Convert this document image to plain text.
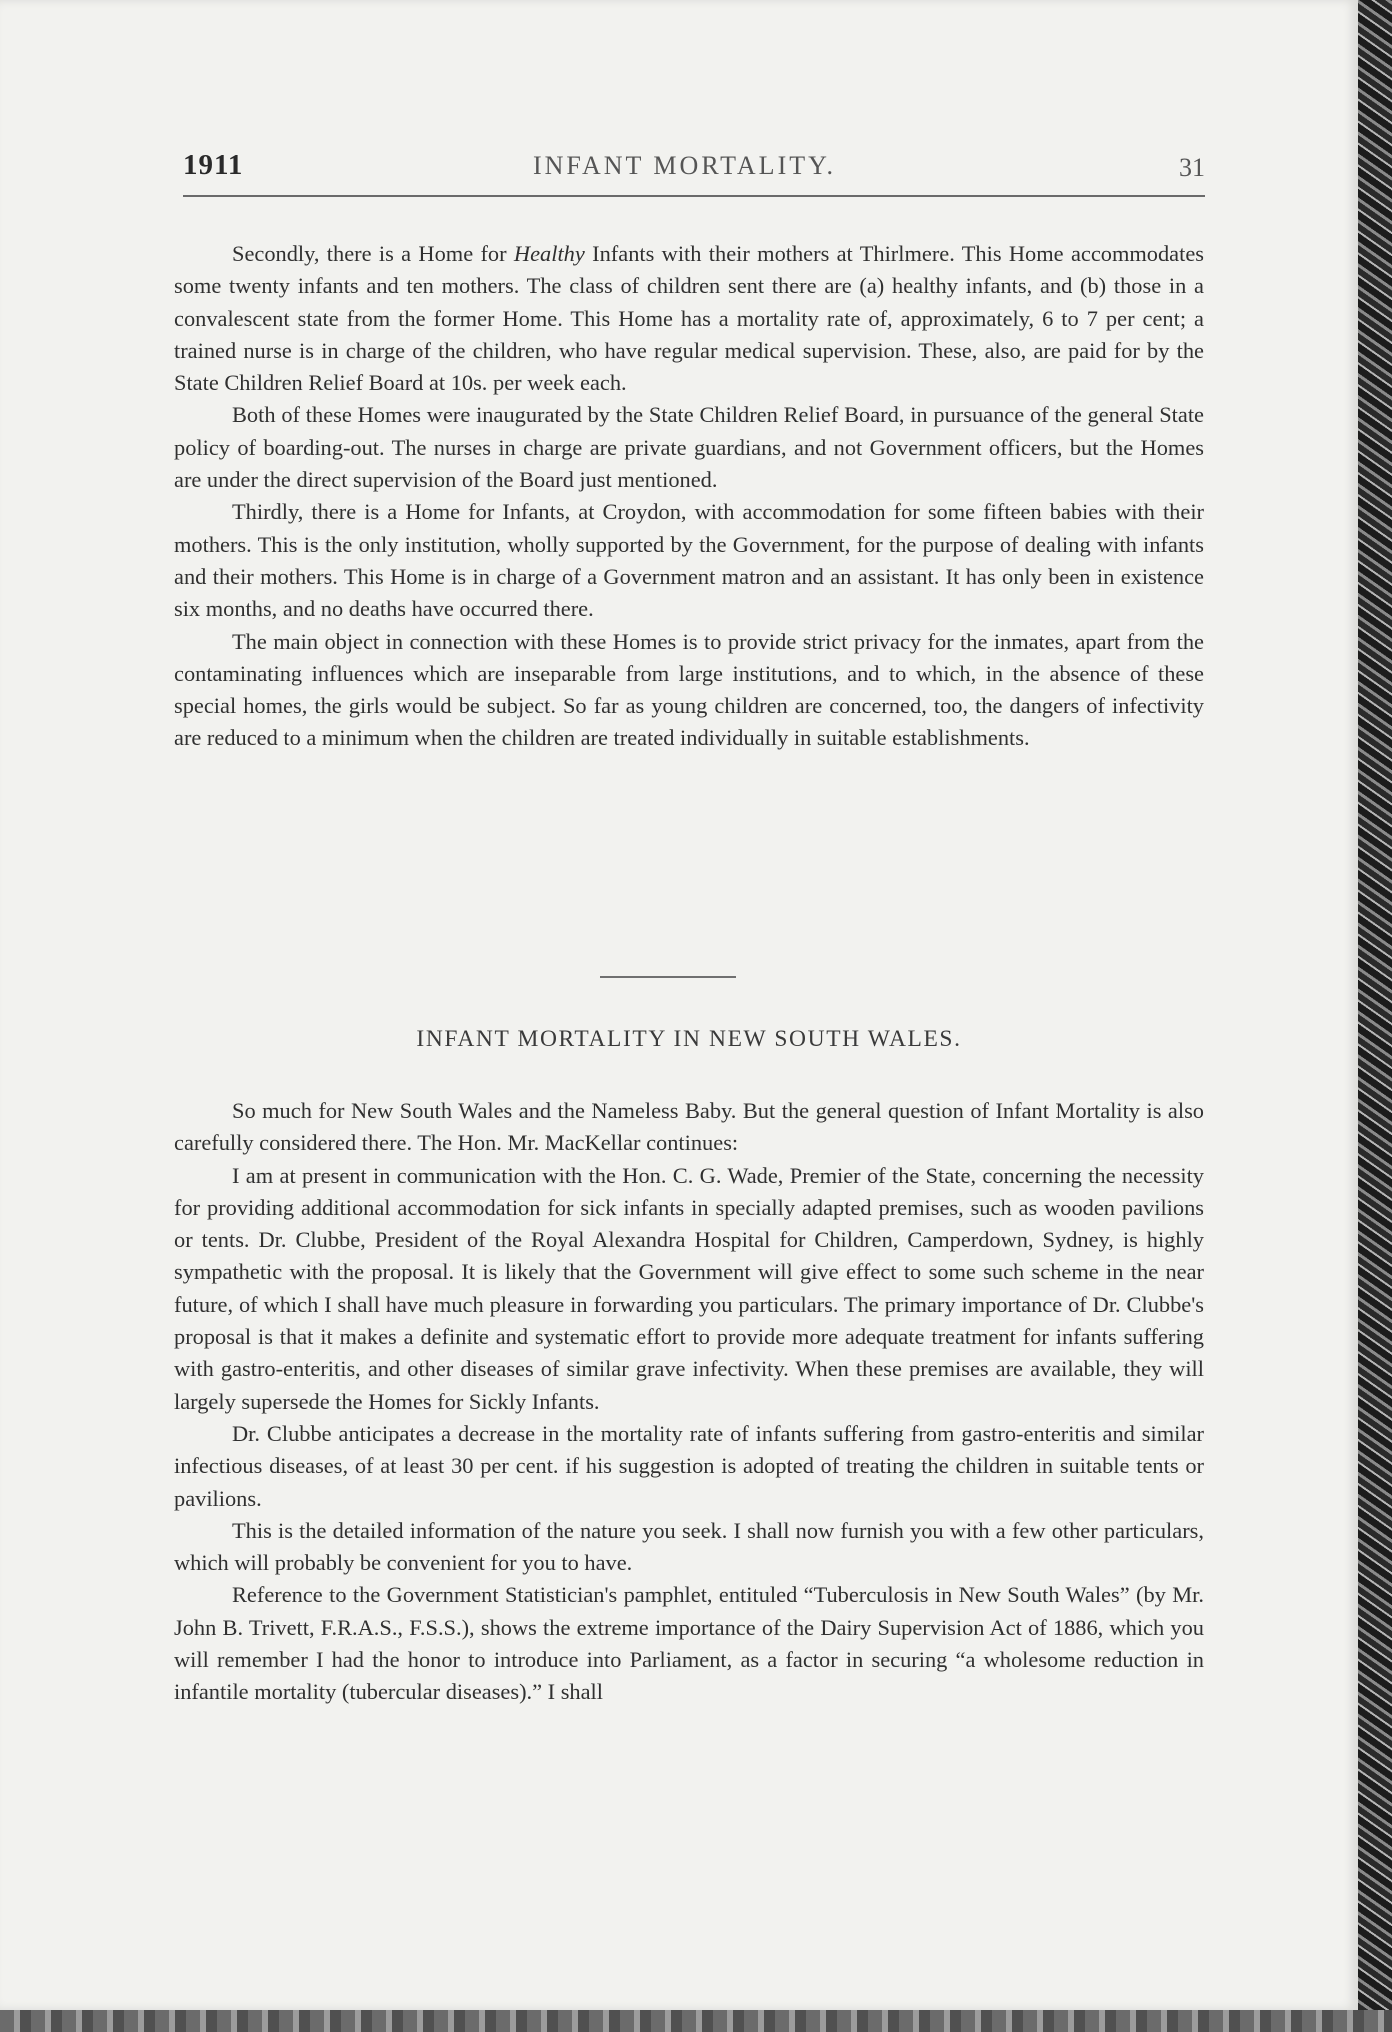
1911	INFANT MORTALITY.	31

Secondly, there is a Home for Healthy Infants with their mothers at Thirlmere. This Home accommodates some twenty infants and ten mothers. The class of children sent there are (a) healthy infants, and (b) those in a convalescent state from the former Home. This Home has a mortality rate of, approximately, 6 to 7 per cent; a trained nurse is in charge of the children, who have regular medical supervision. These, also, are paid for by the State Children Relief Board at 10s. per week each.

Both of these Homes were inaugurated by the State Children Relief Board, in pursuance of the general State policy of boarding-out. The nurses in charge are private guardians, and not Government officers, but the Homes are under the direct supervision of the Board just mentioned.

Thirdly, there is a Home for Infants, at Croydon, with accommodation for some fifteen babies with their mothers. This is the only institution, wholly supported by the Government, for the purpose of dealing with infants and their mothers. This Home is in charge of a Government matron and an assistant. It has only been in existence six months, and no deaths have occurred there.

The main object in connection with these Homes is to provide strict privacy for the inmates, apart from the contaminating influences which are inseparable from large institutions, and to which, in the absence of these special homes, the girls would be subject. So far as young children are concerned, too, the dangers of infectivity are reduced to a minimum when the children are treated individually in suitable establishments.

INFANT MORTALITY IN NEW SOUTH WALES.

So much for New South Wales and the Nameless Baby. But the general question of Infant Mortality is also carefully considered there. The Hon. Mr. MacKellar continues:

I am at present in communication with the Hon. C. G. Wade, Premier of the State, concerning the necessity for providing additional accommodation for sick infants in specially adapted premises, such as wooden pavilions or tents. Dr. Clubbe, President of the Royal Alexandra Hospital for Children, Camperdown, Sydney, is highly sympathetic with the proposal. It is likely that the Government will give effect to some such scheme in the near future, of which I shall have much pleasure in forwarding you particulars. The primary importance of Dr. Clubbe's proposal is that it makes a definite and systematic effort to provide more adequate treatment for infants suffering with gastro-enteritis, and other diseases of similar grave infectivity. When these premises are available, they will largely supersede the Homes for Sickly Infants.

Dr. Clubbe anticipates a decrease in the mortality rate of infants suffering from gastro-enteritis and similar infectious diseases, of at least 30 per cent. if his suggestion is adopted of treating the children in suitable tents or pavilions.

This is the detailed information of the nature you seek. I shall now furnish you with a few other particulars, which will probably be convenient for you to have.

Reference to the Government Statistician's pamphlet, entituled “Tuberculosis in New South Wales” (by Mr. John B. Trivett, F.R.A.S., F.S.S.), shows the extreme importance of the Dairy Supervision Act of 1886, which you will remember I had the honor to introduce into Parliament, as a factor in securing “a wholesome reduction in infantile mortality (tubercular diseases).” I shall
